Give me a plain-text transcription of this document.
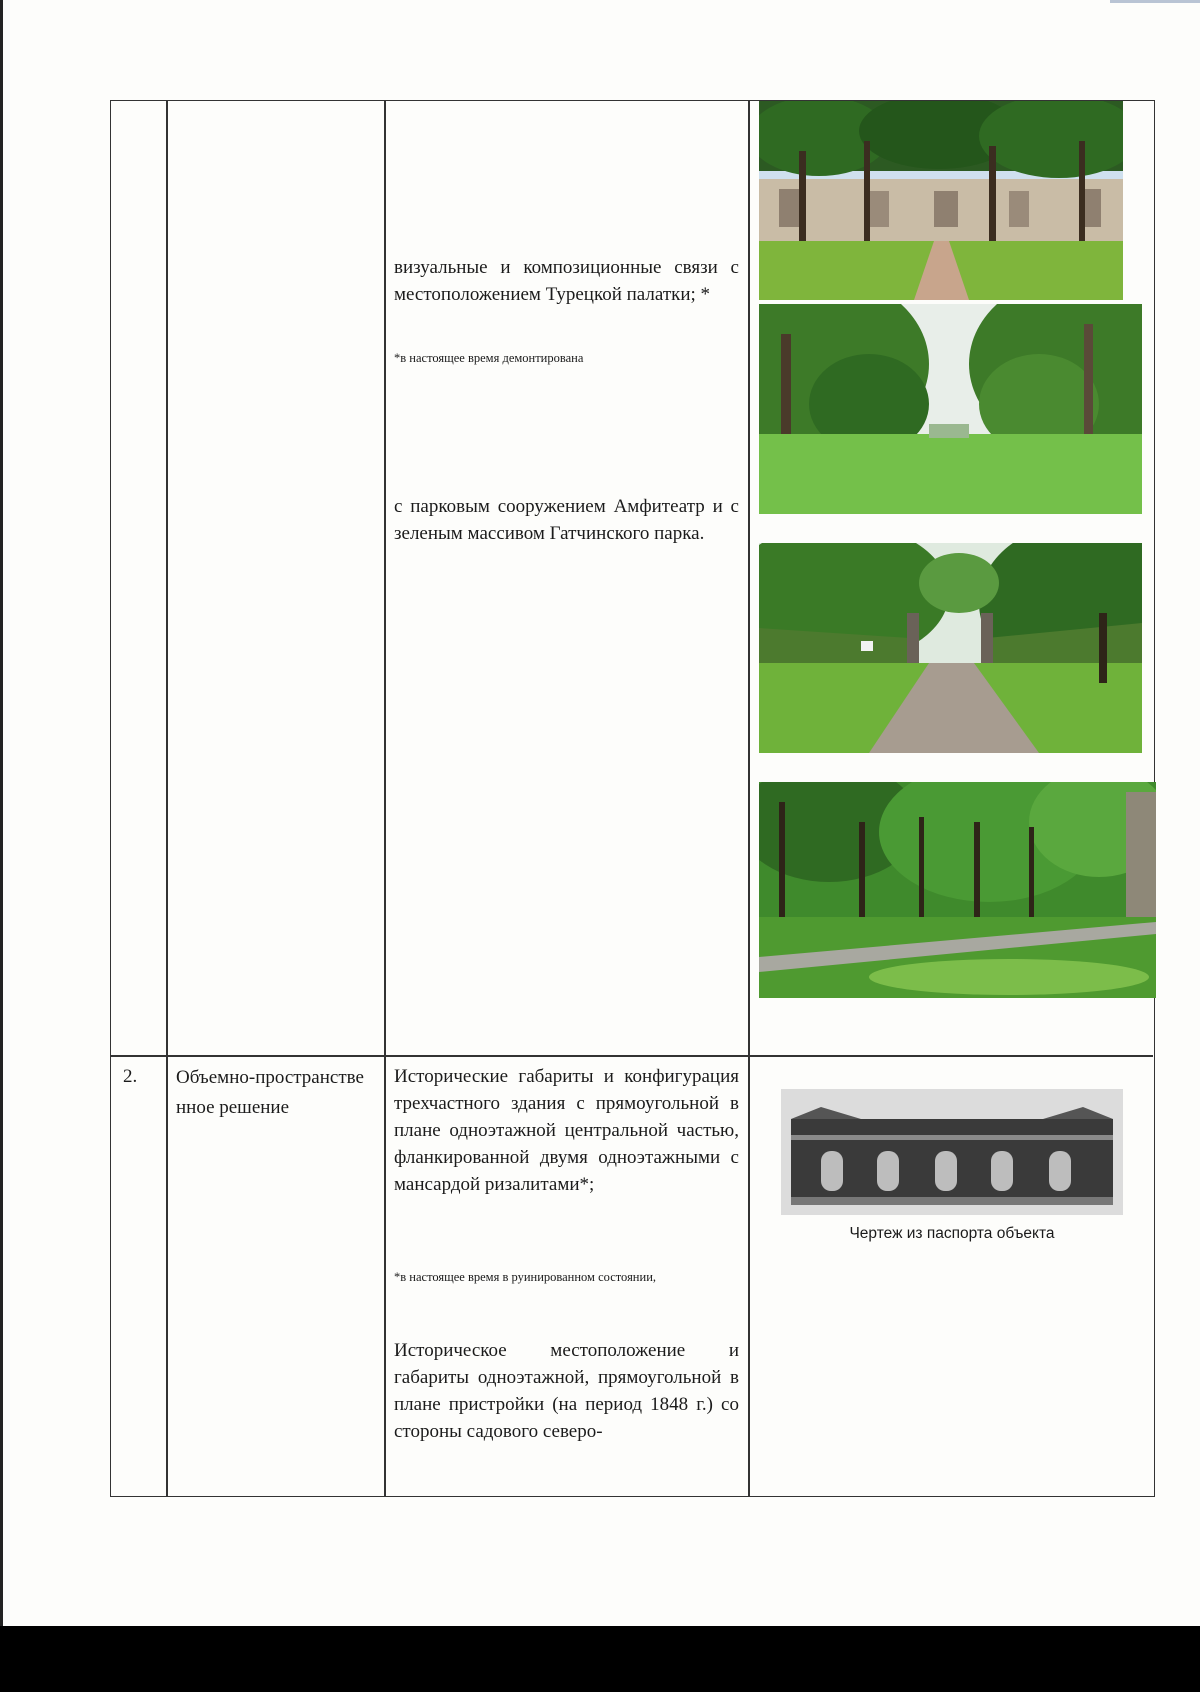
визуальные и композиционные связи с местоположением Турецкой палатки; *
*в настоящее время демонтирована
с парковым сооружением Амфитеатр и с зеленым массивом Гатчинского парка.
2.	Объемно-пространственное решение
Исторические габариты и конфигурация трехчастного здания с прямоугольной в плане одноэтажной центральной частью, фланкированной двумя одноэтажными с мансардой ризалитами*;
*в настоящее время в руинированном состоянии,
Историческое местоположение и габариты одноэтажной, прямоугольной в плане пристройки (на период 1848 г.) со стороны садового северо-
Чертеж из паспорта объекта
